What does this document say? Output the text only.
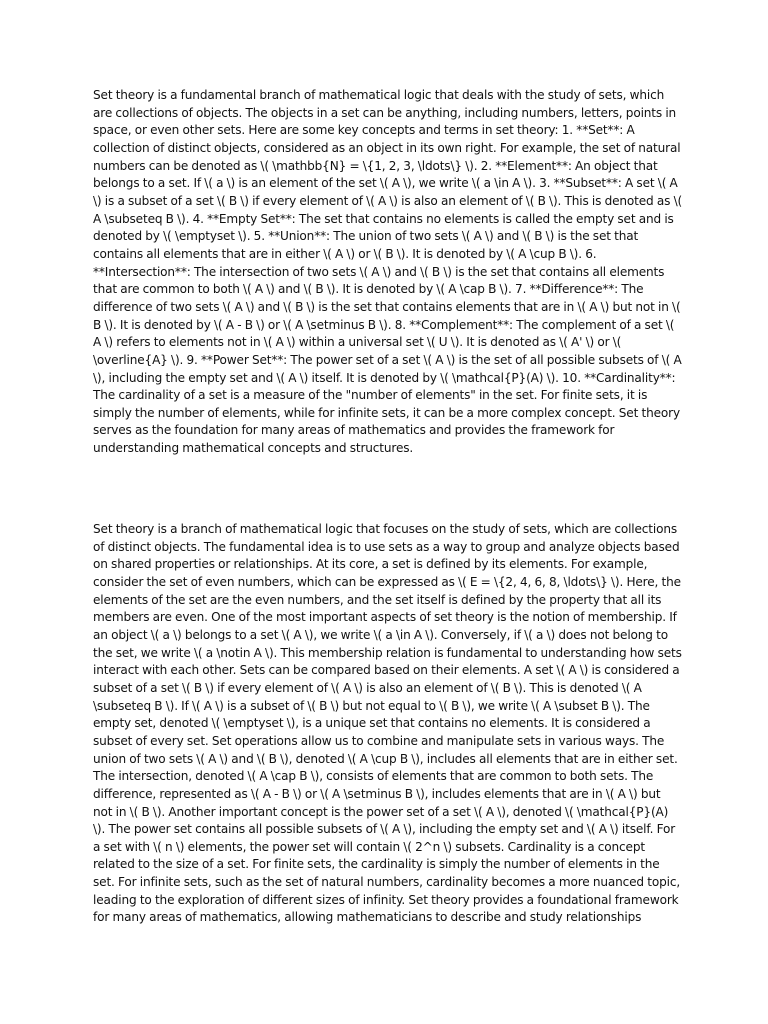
Set theory is a fundamental branch of mathematical logic that deals with the study of sets, which are collections of objects. The objects in a set can be anything, including numbers, letters, points in space, or even other sets. Here are some key concepts and terms in set theory: 1. **Set**: A collection of distinct objects, considered as an object in its own right. For example, the set of natural numbers can be denoted as \( \mathbb{N} = \{1, 2, 3, \ldots\} \). 2. **Element**: An object that belongs to a set. If \( a \) is an element of the set \( A \), we write \( a \in A \). 3. **Subset**: A set \( A \) is a subset of a set \( B \) if every element of \( A \) is also an element of \( B \). This is denoted as \( A \subseteq B \). 4. **Empty Set**: The set that contains no elements is called the empty set and is denoted by \( \emptyset \). 5. **Union**: The union of two sets \( A \) and \( B \) is the set that contains all elements that are in either \( A \) or \( B \). It is denoted by \( A \cup B \). 6. **Intersection**: The intersection of two sets \( A \) and \( B \) is the set that contains all elements that are common to both \( A \) and \( B \). It is denoted by \( A \cap B \). 7. **Difference**: The difference of two sets \( A \) and \( B \) is the set that contains elements that are in \( A \) but not in \( B \). It is denoted by \( A - B \) or \( A \setminus B \). 8. **Complement**: The complement of a set \( A \) refers to elements not in \( A \) within a universal set \( U \). It is denoted as \( A' \) or \( \overline{A} \). 9. **Power Set**: The power set of a set \( A \) is the set of all possible subsets of \( A \), including the empty set and \( A \) itself. It is denoted by \( \mathcal{P}(A) \). 10. **Cardinality**: The cardinality of a set is a measure of the "number of elements" in the set. For finite sets, it is simply the number of elements, while for infinite sets, it can be a more complex concept. Set theory serves as the foundation for many areas of mathematics and provides the framework for understanding mathematical concepts and structures.

Set theory is a branch of mathematical logic that focuses on the study of sets, which are collections of distinct objects. The fundamental idea is to use sets as a way to group and analyze objects based on shared properties or relationships. At its core, a set is defined by its elements. For example, consider the set of even numbers, which can be expressed as \( E = \{2, 4, 6, 8, \ldots\} \). Here, the elements of the set are the even numbers, and the set itself is defined by the property that all its members are even. One of the most important aspects of set theory is the notion of membership. If an object \( a \) belongs to a set \( A \), we write \( a \in A \). Conversely, if \( a \) does not belong to the set, we write \( a \notin A \). This membership relation is fundamental to understanding how sets interact with each other. Sets can be compared based on their elements. A set \( A \) is considered a subset of a set \( B \) if every element of \( A \) is also an element of \( B \). This is denoted \( A \subseteq B \). If \( A \) is a subset of \( B \) but not equal to \( B \), we write \( A \subset B \). The empty set, denoted \( \emptyset \), is a unique set that contains no elements. It is considered a subset of every set. Set operations allow us to combine and manipulate sets in various ways. The union of two sets \( A \) and \( B \), denoted \( A \cup B \), includes all elements that are in either set. The intersection, denoted \( A \cap B \), consists of elements that are common to both sets. The difference, represented as \( A - B \) or \( A \setminus B \), includes elements that are in \( A \) but not in \( B \). Another important concept is the power set of a set \( A \), denoted \( \mathcal{P}(A) \). The power set contains all possible subsets of \( A \), including the empty set and \( A \) itself. For a set with \( n \) elements, the power set will contain \( 2^n \) subsets. Cardinality is a concept related to the size of a set. For finite sets, the cardinality is simply the number of elements in the set. For infinite sets, such as the set of natural numbers, cardinality becomes a more nuanced topic, leading to the exploration of different sizes of infinity. Set theory provides a foundational framework for many areas of mathematics, allowing mathematicians to describe and study relationships
